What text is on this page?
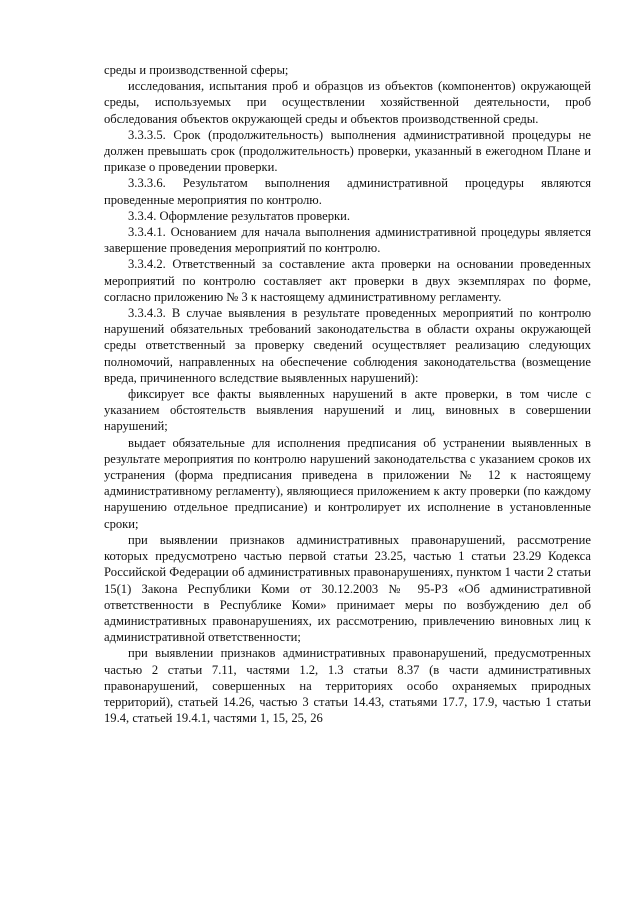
среды и производственной сферы;

исследования, испытания проб и образцов из объектов (компонентов) окружающей среды, используемых при осуществлении хозяйственной деятельности, проб обследования объектов окружающей среды и объектов производственной среды.

3.3.3.5. Срок (продолжительность) выполнения административной процедуры не должен превышать срок (продолжительность) проверки, указанный в ежегодном Плане и приказе о проведении проверки.

3.3.3.6. Результатом выполнения административной процедуры являются проведенные мероприятия по контролю.

3.3.4. Оформление результатов проверки.

3.3.4.1. Основанием для начала выполнения административной процедуры является завершение проведения мероприятий по контролю.

3.3.4.2. Ответственный за составление акта проверки на основании проведенных мероприятий по контролю составляет акт проверки в двух экземплярах по форме, согласно приложению № 3 к настоящему административному регламенту.

3.3.4.3. В случае выявления в результате проведенных мероприятий по контролю нарушений обязательных требований законодательства в области охраны окружающей среды ответственный за проверку сведений осуществляет реализацию следующих полномочий, направленных на обеспечение соблюдения законодательства (возмещение вреда, причиненного вследствие выявленных нарушений):

фиксирует все факты выявленных нарушений в акте проверки, в том числе с указанием обстоятельств выявления нарушений и лиц, виновных в совершении нарушений;

выдает обязательные для исполнения предписания об устранении выявленных в результате мероприятия по контролю нарушений законодательства с указанием сроков их устранения (форма предписания приведена в приложении № 12 к настоящему административному регламенту), являющиеся приложением к акту проверки (по каждому нарушению отдельное предписание) и контролирует их исполнение в установленные сроки;

при выявлении признаков административных правонарушений, рассмотрение которых предусмотрено частью первой статьи 23.25, частью 1 статьи 23.29 Кодекса Российской Федерации об административных правонарушениях, пунктом 1 части 2 статьи 15(1) Закона Республики Коми от 30.12.2003 № 95-РЗ «Об административной ответственности в Республике Коми» принимает меры по возбуждению дел об административных правонарушениях, их рассмотрению, привлечению виновных лиц к административной ответственности;

при выявлении признаков административных правонарушений, предусмотренных частью 2 статьи 7.11, частями 1.2, 1.3 статьи 8.37 (в части административных правонарушений, совершенных на территориях особо охраняемых природных территорий), статьей 14.26, частью 3 статьи 14.43, статьями 17.7, 17.9, частью 1 статьи 19.4, статьей 19.4.1, частями 1, 15, 25, 26
